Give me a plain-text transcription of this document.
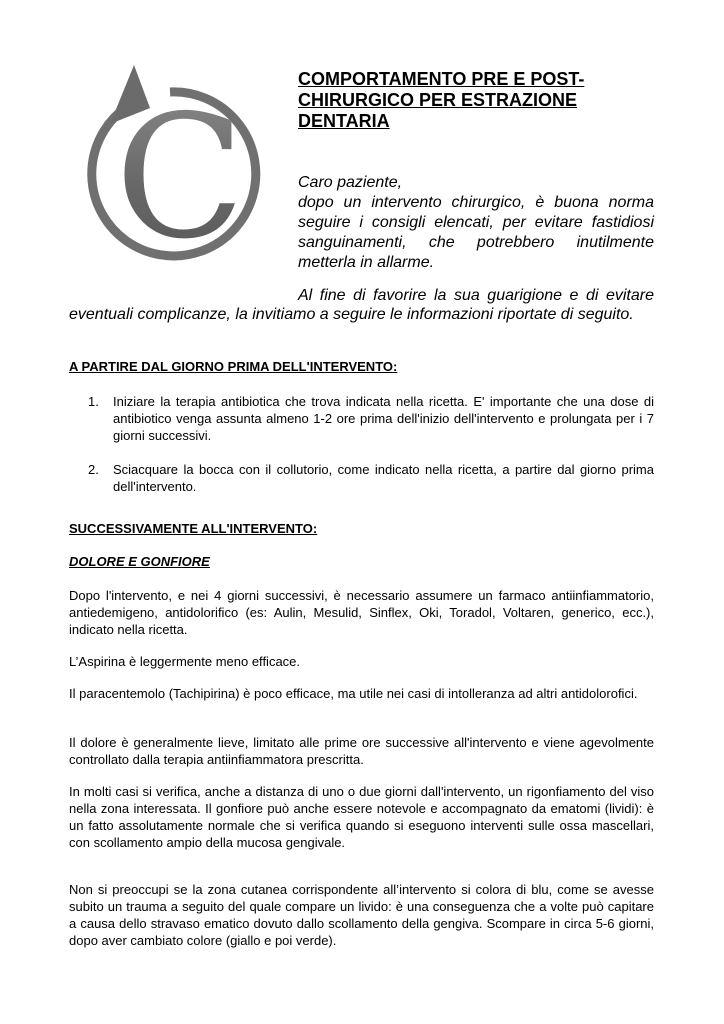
C	COMPORTAMENTO PRE E POST-CHIRURGICO PER ESTRAZIONE DENTARIA

Caro paziente,

dopo un intervento chirurgico, è buona norma seguire i consigli elencati, per evitare fastidiosi sanguinamenti, che potrebbero inutilmente metterla in allarme.

Al fine di favorire la sua guarigione e di evitare eventuali complicanze, la invitiamo a seguire le informazioni riportate di seguito.

A PARTIRE DAL GIORNO PRIMA DELL'INTERVENTO:
1.	Iniziare la terapia antibiotica che trova indicata nella ricetta. E' importante che una dose di antibiotico venga assunta almeno 1-2 ore prima dell'inizio dell'intervento e prolungata per i 7 giorni successivi.
2.	Sciacquare la bocca con il collutorio, come indicato nella ricetta, a partire dal giorno prima dell'intervento.
SUCCESSIVAMENTE ALL'INTERVENTO:
DOLORE E GONFIORE

Dopo l'intervento, e nei 4 giorni successivi, è necessario assumere un farmaco antiinfiammatorio, antiedemigeno, antidolorifico (es: Aulin, Mesulid, Sinflex, Oki, Toradol, Voltaren, generico, ecc.), indicato nella ricetta.

L’Aspirina è leggermente meno efficace.

Il paracentemolo (Tachipirina) è poco efficace, ma utile nei casi di intolleranza ad altri antidolorofici.

Il dolore è generalmente lieve, limitato alle prime ore successive all'intervento e viene agevolmente controllato dalla terapia antiinfiammatora prescritta.

In molti casi si verifica, anche a distanza di uno o due giorni dall'intervento, un rigonfiamento del viso nella zona interessata. Il gonfiore può anche essere notevole e accompagnato da ematomi (lividi): è un fatto assolutamente normale che si verifica quando si eseguono interventi sulle ossa mascellari, con scollamento ampio della mucosa gengivale.

Non si preoccupi se la zona cutanea corrispondente all’intervento si colora di blu, come se avesse subito un trauma a seguito del quale compare un livido: è una conseguenza che a volte può capitare a causa dello stravaso ematico dovuto dallo scollamento della gengiva. Scompare in circa 5-6 giorni, dopo aver cambiato colore (giallo e poi verde).
